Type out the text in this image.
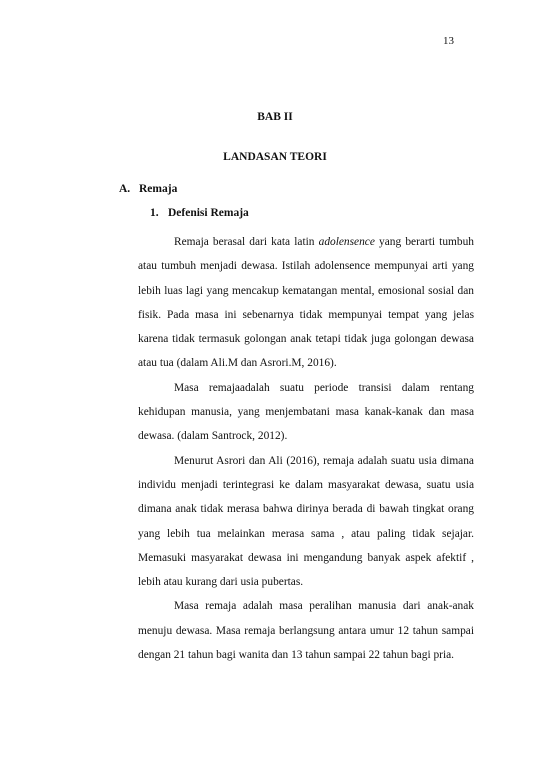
13
BAB II
LANDASAN TEORI
A. Remaja
1. Defenisi Remaja

Remaja berasal dari kata latin adolensence yang berarti tumbuh atau tumbuh menjadi dewasa. Istilah adolensence mempunyai arti yang lebih luas lagi yang mencakup kematangan mental, emosional sosial dan fisik. Pada masa ini sebenarnya tidak mempunyai tempat yang jelas karena tidak termasuk golongan anak tetapi tidak juga golongan dewasa atau tua (dalam Ali.M dan Asrori.M, 2016).

Masa remajaadalah suatu periode transisi dalam rentang kehidupan manusia, yang menjembatani masa kanak-kanak dan masa dewasa. (dalam Santrock, 2012).

Menurut Asrori dan Ali (2016), remaja adalah suatu usia dimana individu menjadi terintegrasi ke dalam masyarakat dewasa, suatu usia dimana anak tidak merasa bahwa dirinya berada di bawah tingkat orang yang lebih tua melainkan merasa sama , atau paling tidak sejajar. Memasuki masyarakat dewasa ini mengandung banyak aspek afektif , lebih atau kurang dari usia pubertas.

Masa remaja adalah masa peralihan manusia dari anak-anak menuju dewasa. Masa remaja berlangsung antara umur 12 tahun sampai dengan 21 tahun bagi wanita dan 13 tahun sampai 22 tahun bagi pria.
